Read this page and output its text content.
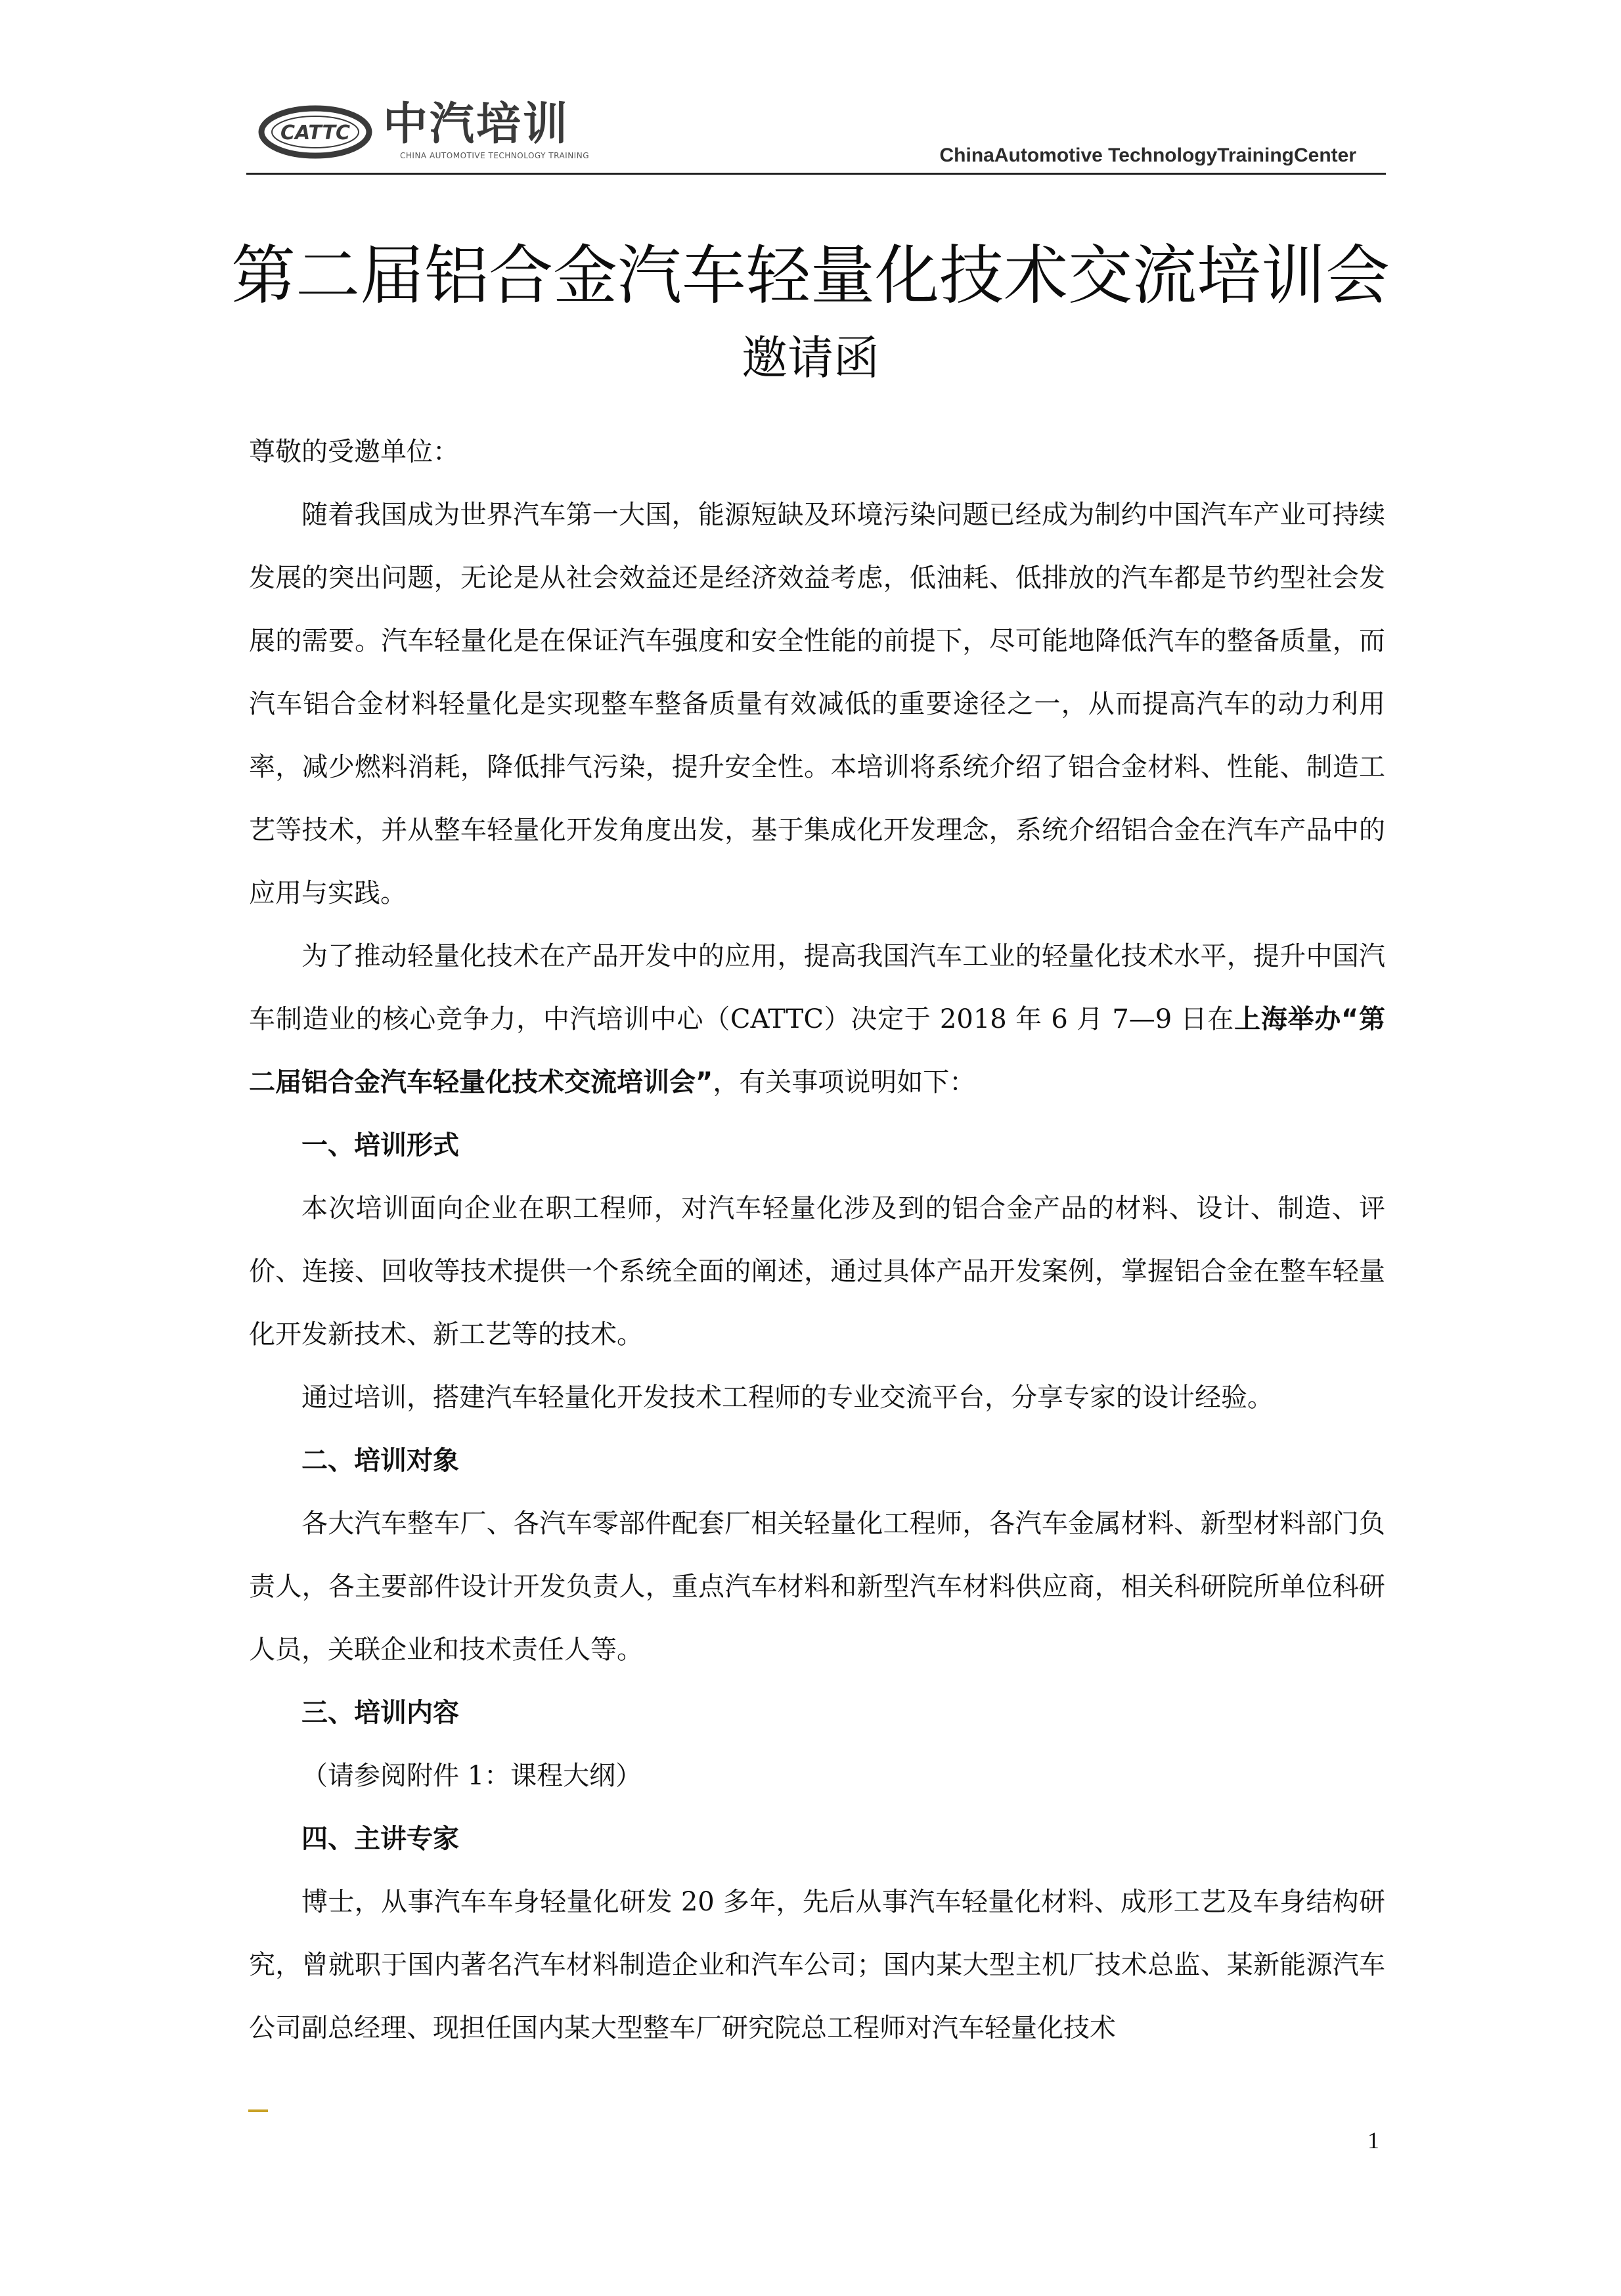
CATTC 中汽培训
CHINA AUTOMOTIVE TECHNOLOGY TRAINING	ChinaAutomotive TechnologyTrainingCenter
第二届铝合金汽车轻量化技术交流培训会
邀请函

尊敬的受邀单位：

随着我国成为世界汽车第一大国，能源短缺及环境污染问题已经成为制约中国汽车产业可持续发展的突出问题，无论是从社会效益还是经济效益考虑，低油耗、低排放的汽车都是节约型社会发展的需要。汽车轻量化是在保证汽车强度和安全性能的前提下，尽可能地降低汽车的整备质量，而汽车铝合金材料轻量化是实现整车整备质量有效减低的重要途径之一，从而提高汽车的动力利用率，减少燃料消耗，降低排气污染，提升安全性。本培训将系统介绍了铝合金材料、性能、制造工艺等技术，并从整车轻量化开发角度出发，基于集成化开发理念，系统介绍铝合金在汽车产品中的应用与实践。

为了推动轻量化技术在产品开发中的应用，提高我国汽车工业的轻量化技术水平，提升中国汽车制造业的核心竞争力，中汽培训中心（CATTC）决定于 2018 年 6 月 7—9 日在上海举办“第二届铝合金汽车轻量化技术交流培训会”，有关事项说明如下：

一、培训形式

本次培训面向企业在职工程师，对汽车轻量化涉及到的铝合金产品的材料、设计、制造、评价、连接、回收等技术提供一个系统全面的阐述，通过具体产品开发案例，掌握铝合金在整车轻量化开发新技术、新工艺等的技术。

通过培训，搭建汽车轻量化开发技术工程师的专业交流平台，分享专家的设计经验。

二、培训对象

各大汽车整车厂、各汽车零部件配套厂相关轻量化工程师，各汽车金属材料、新型材料部门负责人，各主要部件设计开发负责人，重点汽车材料和新型汽车材料供应商，相关科研院所单位科研人员，关联企业和技术责任人等。

三、培训内容

（请参阅附件 1：课程大纲）

四、主讲专家

博士，从事汽车车身轻量化研发 20 多年，先后从事汽车轻量化材料、成形工艺及车身结构研究，曾就职于国内著名汽车材料制造企业和汽车公司；国内某大型主机厂技术总监、某新能源汽车公司副总经理、现担任国内某大型整车厂研究院总工程师对汽车轻量化技术

1
